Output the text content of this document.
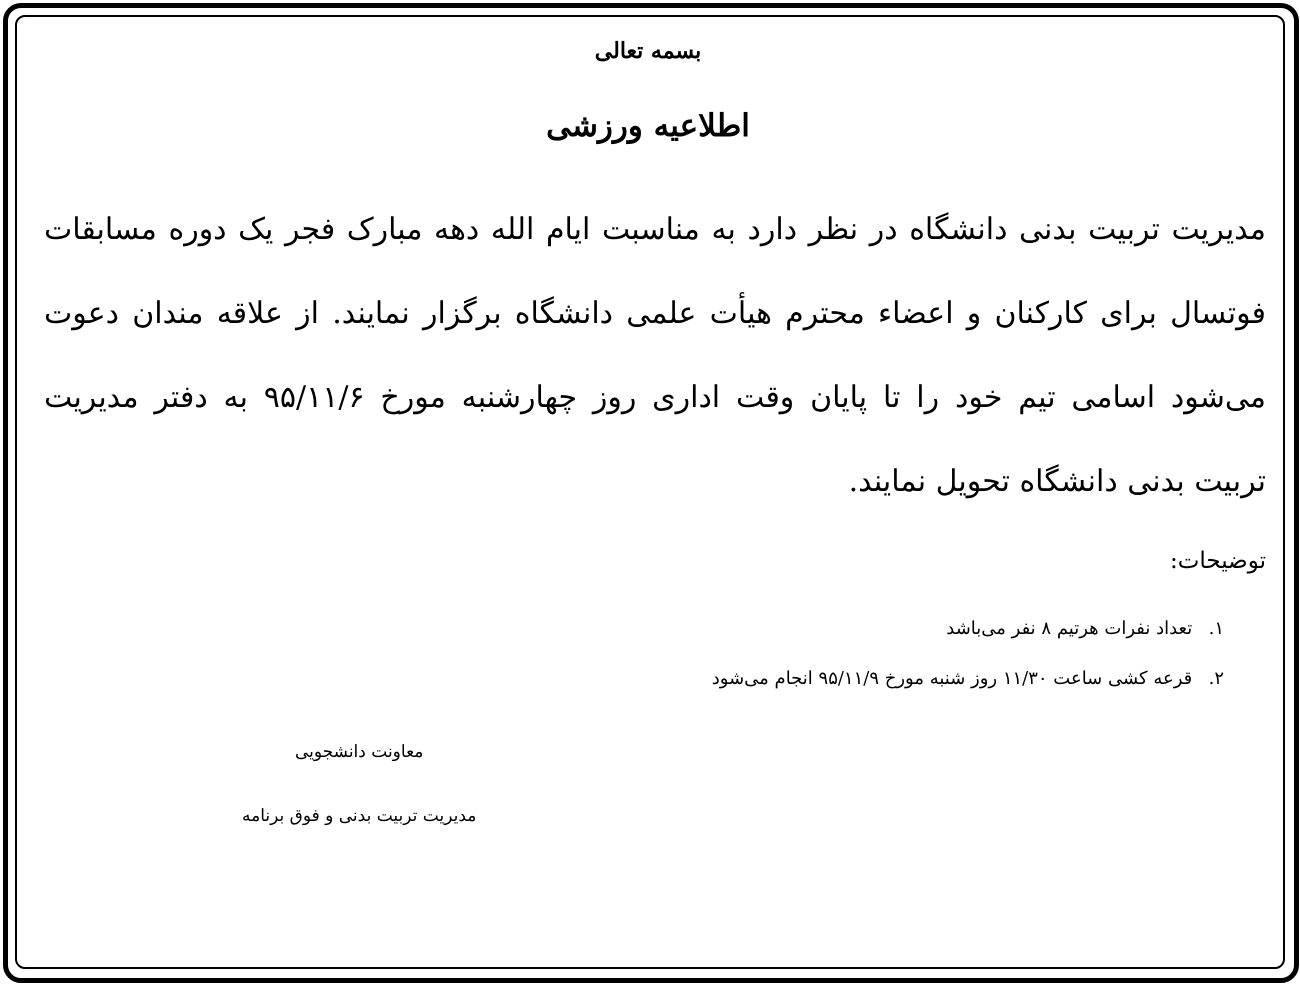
بسمه تعالی
اطلاعیه ورزشی
مدیریت تربیت بدنی دانشگاه در نظر دارد به مناسبت ایام الله دهه مبارک فجر یک دوره مسابقات
فوتسال برای کارکنان و اعضاء محترم هیأت علمی دانشگاه برگزار نمایند. از علاقه مندان دعوت
می‌شود اسامی تیم خود را تا پایان وقت اداری روز چهارشنبه مورخ ۹۵/۱۱/۶ به دفتر مدیریت
تربیت بدنی دانشگاه تحویل نمایند.
توضیحات:
۱. تعداد نفرات هرتیم ۸ نفر می‌باشد
۲. قرعه کشی ساعت ۱۱/۳۰ روز شنبه مورخ ۹۵/۱۱/۹ انجام می‌شود
معاونت دانشجویی
مدیریت تربیت بدنی و فوق برنامه
